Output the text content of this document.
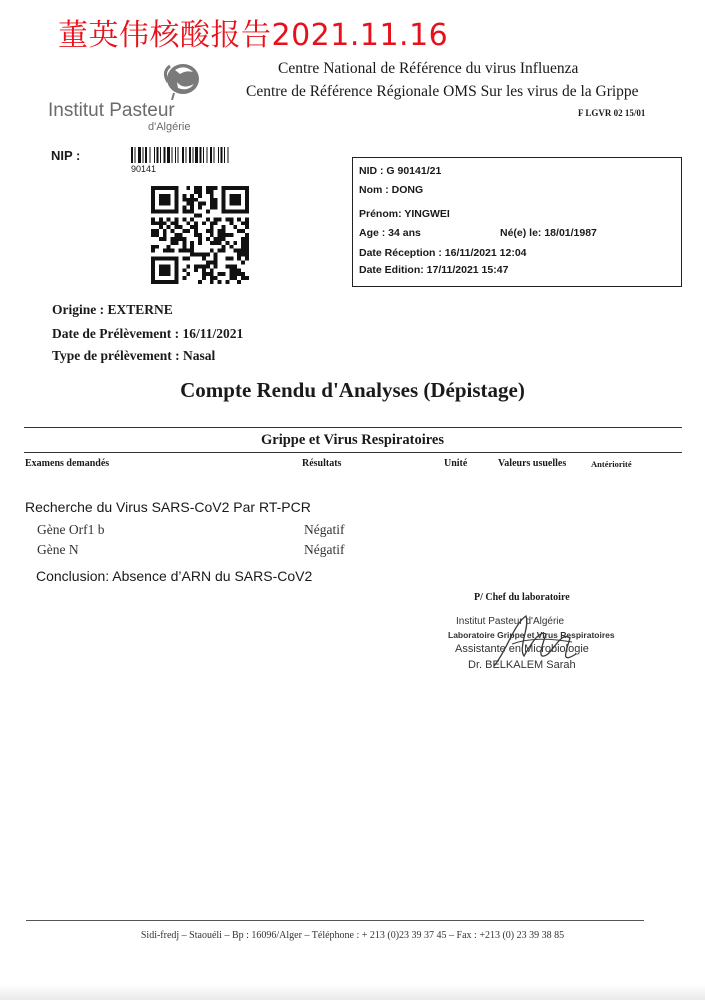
董英伟核酸报告2021.11.16
Institut Pasteur
d'Algérie
Centre National de Référence du virus Influenza
Centre de Référence Régionale OMS Sur les virus de la Grippe
F LGVR 02 15/01
NIP :
90141	NID : G 90141/21
Nom : DONG
Prénom: YINGWEI
Age : 34 ans	Né(e) le: 18/01/1987
Date Réception : 16/11/2021 12:04
Date Edition: 17/11/2021 15:47
Origine : EXTERNE
Date de Prélèvement : 16/11/2021
Type de prélèvement : Nasal
Compte Rendu d'Analyses (Dépistage)
Grippe et Virus Respiratoires
Examens demandés	Résultats	Unité	Valeurs usuelles	Antériorité
Recherche du Virus SARS-CoV2 Par RT-PCR
Gène Orf1 b	Négatif
Gène N	Négatif
Conclusion: Absence d’ARN du SARS-CoV2
P/ Chef du laboratoire
Institut Pasteur d'Algérie
Laboratoire Grippe et Virus Respiratoires
Assistante en Microbiologie
Dr. BELKALEM Sarah
Sidi-fredj – Staouéli – Bp : 16096/Alger – Téléphone : + 213 (0)23 39 37 45 – Fax : +213 (0) 23 39 38 85
